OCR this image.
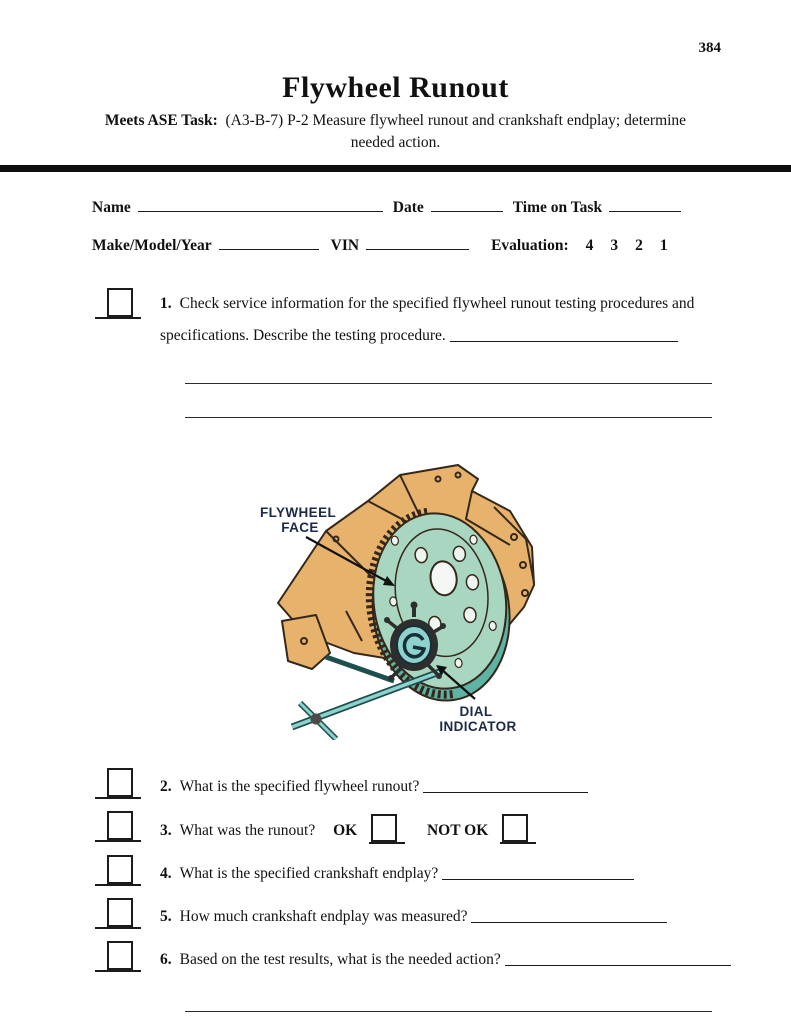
384
Flywheel Runout
Meets ASE Task: (A3-B-7) P-2 Measure flywheel runout and crankshaft endplay; determine
needed action.
Name	Date	Time on Task
Make/Model/Year	VIN	Evaluation: 4 3 2 1
1. Check service information for the specified flywheel runout testing procedures and specifications. Describe the testing procedure.
FLYWHEEL FACE
DIAL INDICATOR
2. What is the specified flywheel runout?
3. What was the runout? OK	NOT OK
4. What is the specified crankshaft endplay?
5. How much crankshaft endplay was measured?
6. Based on the test results, what is the needed action?
